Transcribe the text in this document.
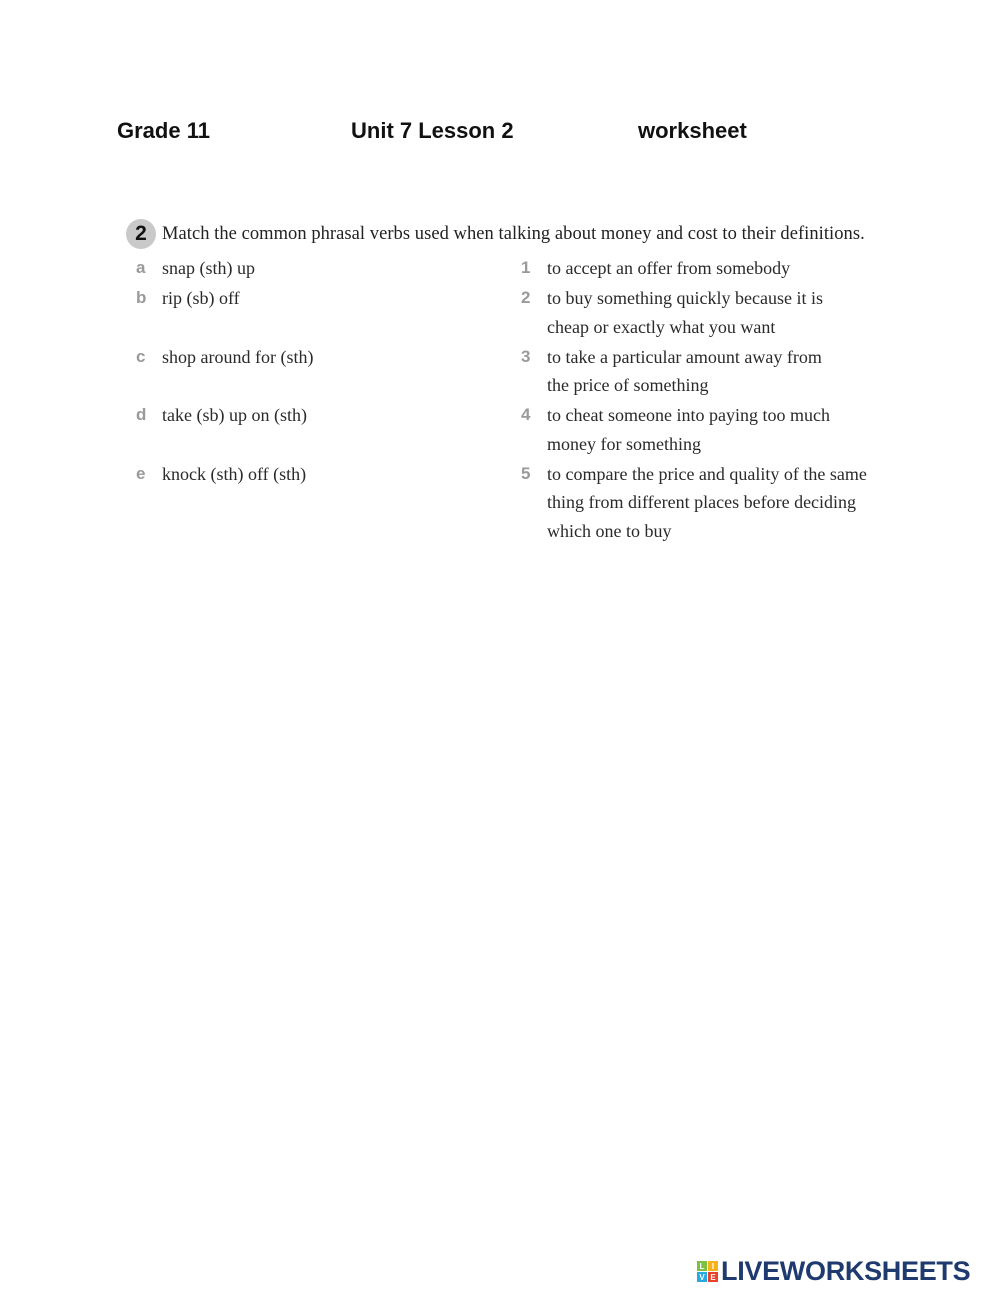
Grade 11	Unit 7 Lesson 2	worksheet
2 Match the common phrasal verbs used when talking about money and cost to their definitions.
a snap (sth) up
b rip (sb) off
c shop around for (sth)
d take (sb) up on (sth)
e knock (sth) off (sth)
1 to accept an offer from somebody
2 to buy something quickly because it is
cheap or exactly what you want
3 to take a particular amount away from
the price of something
4 to cheat someone into paying too much
money for something
5 to compare the price and quality of the same
thing from different places before deciding
which one to buy
L I
V E LIVEWORKSHEETS
